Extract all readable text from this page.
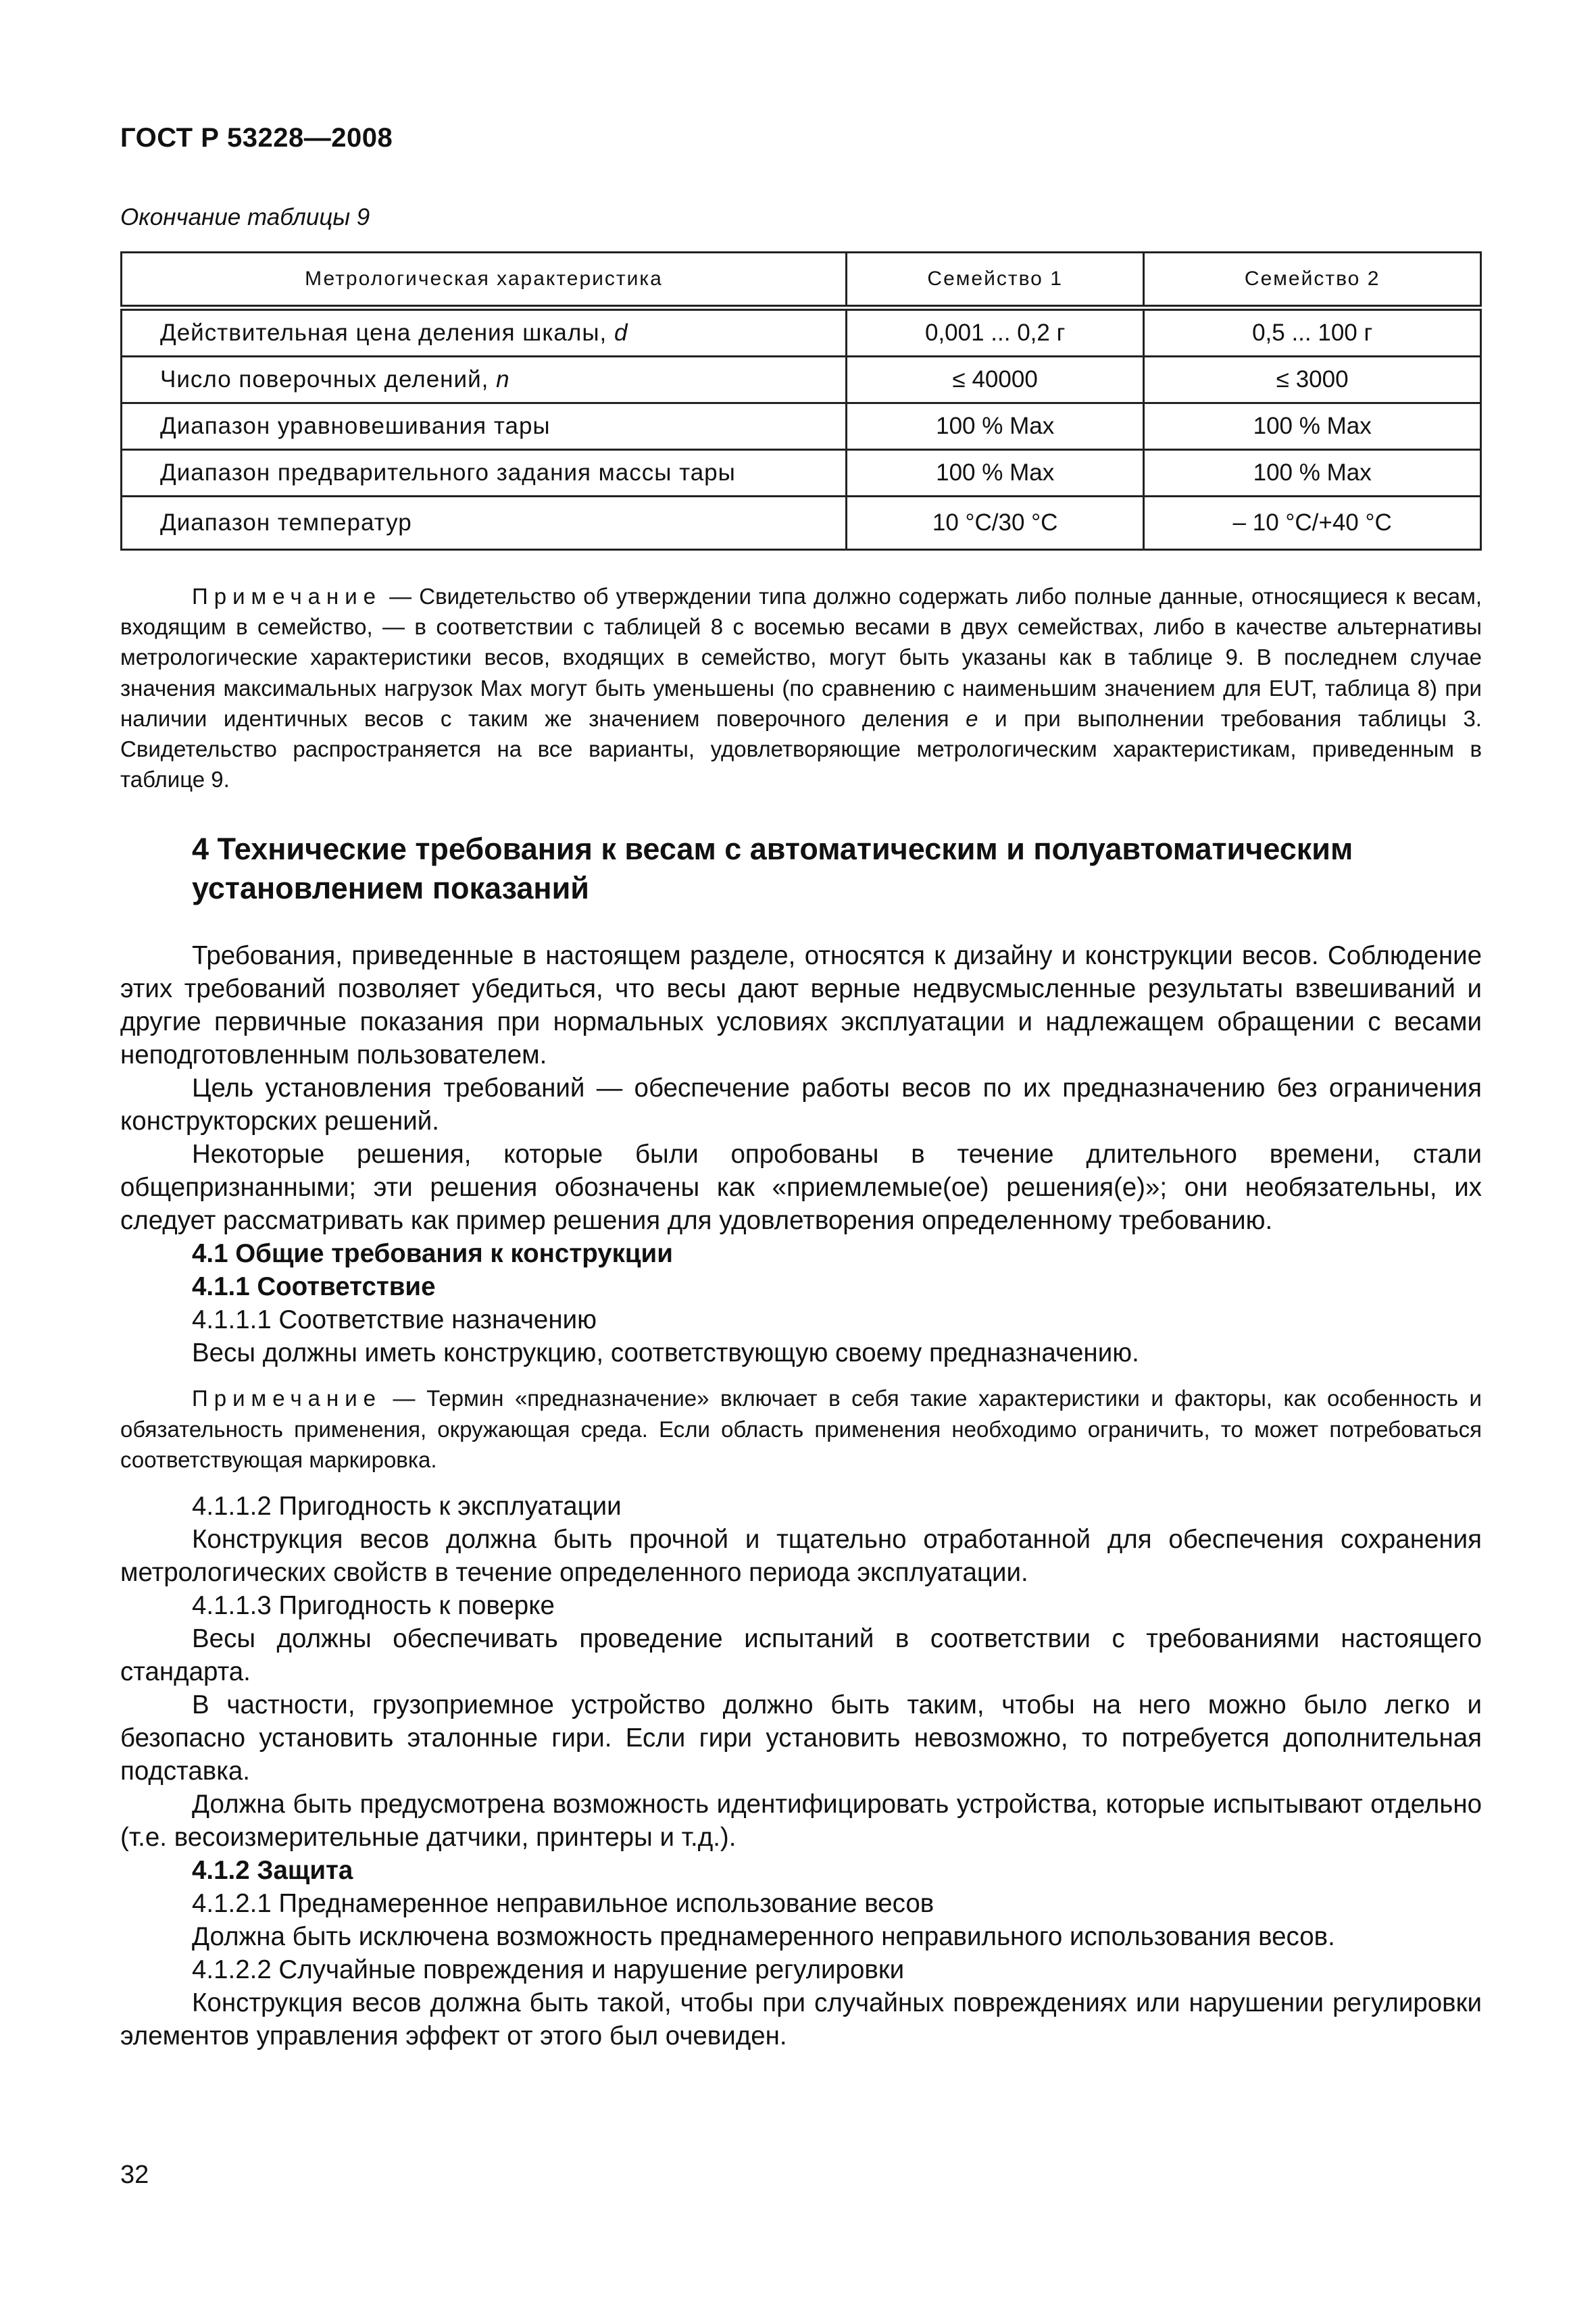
ГОСТ Р 53228—2008
Окончание таблицы 9
Метрологическая характеристика	Семейство 1	Семейство 2
Действительная цена деления шкалы, d	0,001 ... 0,2 г	0,5 ... 100 г
Число поверочных делений, n	≤ 40000	≤ 3000
Диапазон уравновешивания тары	100 % Max	100 % Max
Диапазон предварительного задания массы тары	100 % Max	100 % Max
Диапазон температур	10 °C/30 °C	– 10 °C/+40 °C

Примечание — Свидетельство об утверждении типа должно содержать либо полные данные, относящиеся к весам, входящим в семейство, — в соответствии с таблицей 8 с восемью весами в двух семействах, либо в качестве альтернативы метрологические характеристики весов, входящих в семейство, могут быть указаны как в таблице 9. В последнем случае значения максимальных нагрузок Max могут быть уменьшены (по сравнению с наименьшим значением для EUT, таблица 8) при наличии идентичных весов с таким же значением поверочного деления e и при выполнении требования таблицы 3. Свидетельство распространяется на все варианты, удовлетворяющие метрологическим характеристикам, приведенным в таблице 9.

4 Технические требования к весам с автоматическим и полуавтоматическим установлением показаний

Требования, приведенные в настоящем разделе, относятся к дизайну и конструкции весов. Соблюдение этих требований позволяет убедиться, что весы дают верные недвусмысленные результаты взвешиваний и другие первичные показания при нормальных условиях эксплуатации и надлежащем обращении с весами неподготовленным пользователем.

Цель установления требований — обеспечение работы весов по их предназначению без ограничения конструкторских решений.

Некоторые решения, которые были опробованы в течение длительного времени, стали общепризнанными; эти решения обозначены как «приемлемые(ое) решения(е)»; они необязательны, их следует рассматривать как пример решения для удовлетворения определенному требованию.

4.1 Общие требования к конструкции

4.1.1 Соответствие

4.1.1.1 Соответствие назначению

Весы должны иметь конструкцию, соответствующую своему предназначению.

Примечание — Термин «предназначение» включает в себя такие характеристики и факторы, как особенность и обязательность применения, окружающая среда. Если область применения необходимо ограничить, то может потребоваться соответствующая маркировка.

4.1.1.2 Пригодность к эксплуатации

Конструкция весов должна быть прочной и тщательно отработанной для обеспечения сохранения метрологических свойств в течение определенного периода эксплуатации.

4.1.1.3 Пригодность к поверке

Весы должны обеспечивать проведение испытаний в соответствии с требованиями настоящего стандарта.

В частности, грузоприемное устройство должно быть таким, чтобы на него можно было легко и безопасно установить эталонные гири. Если гири установить невозможно, то потребуется дополнительная подставка.

Должна быть предусмотрена возможность идентифицировать устройства, которые испытывают отдельно (т.е. весоизмерительные датчики, принтеры и т.д.).

4.1.2 Защита

4.1.2.1 Преднамеренное неправильное использование весов

Должна быть исключена возможность преднамеренного неправильного использования весов.

4.1.2.2 Случайные повреждения и нарушение регулировки

Конструкция весов должна быть такой, чтобы при случайных повреждениях или нарушении регулировки элементов управления эффект от этого был очевиден.

32
